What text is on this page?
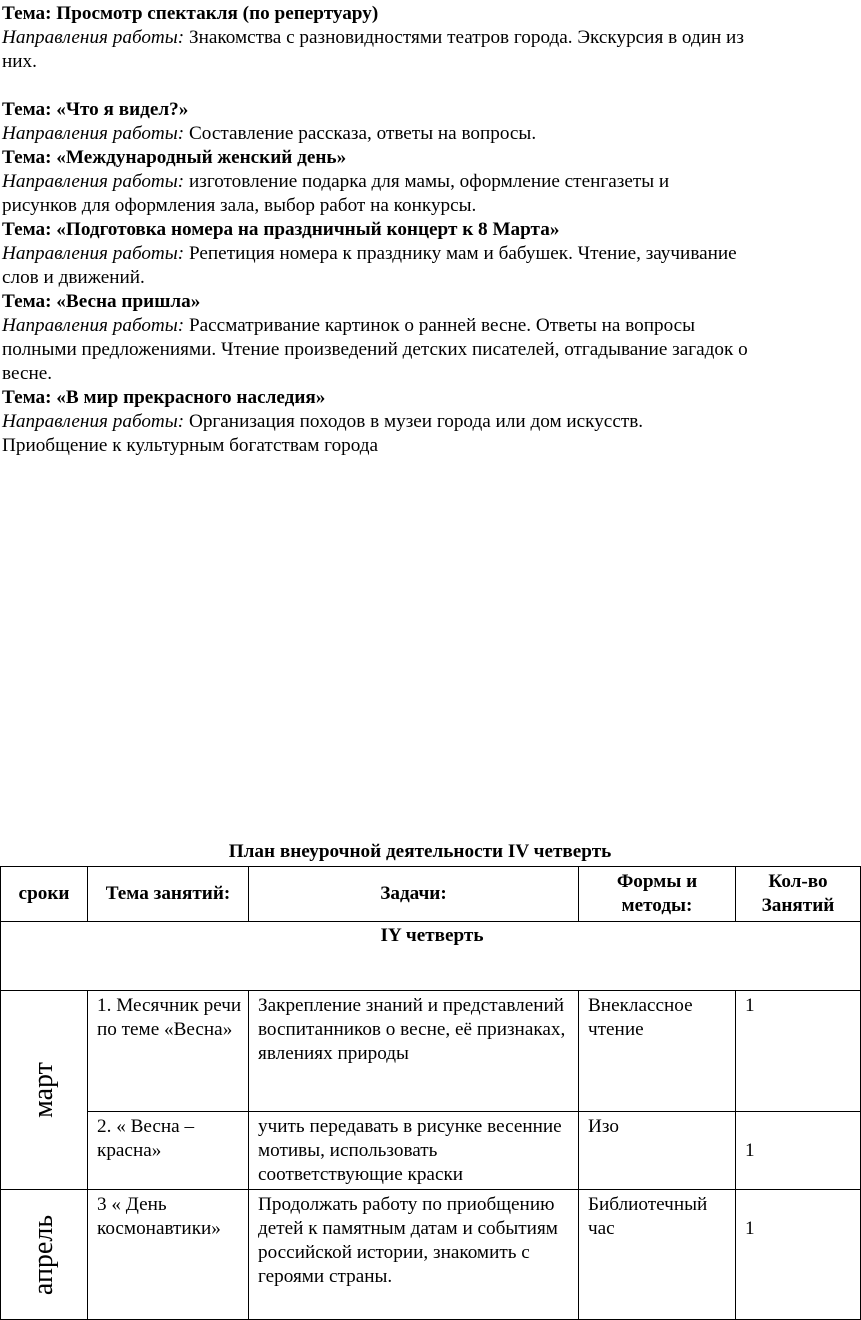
Тема: Просмотр спектакля (по репертуару)
Направления работы: Знакомства с разновидностями театров города. Экскурсия в один из
них.
Тема: «Что я видел?»
Направления работы: Составление рассказа, ответы на вопросы.
Тема: «Международный женский день»
Направления работы: изготовление подарка для мамы, оформление стенгазеты и
рисунков для оформления зала, выбор работ на конкурсы.
Тема: «Подготовка номера на праздничный концерт к 8 Марта»
Направления работы: Репетиция номера к празднику мам и бабушек. Чтение, заучивание
слов и движений.
Тема: «Весна пришла»
Направления работы: Рассматривание картинок о ранней весне. Ответы на вопросы
полными предложениями. Чтение произведений детских писателей, отгадывание загадок о
весне.
Тема: «В мир прекрасного наследия»
Направления работы: Организация походов в музеи города или дом искусств.
Приобщение к культурным богатствам города
План внеурочной деятельности IV четверть
сроки	Тема занятий:	Задачи:	Формы и методы:	Кол-во Занятий
IY четверть				

март	1. Месячник речи по теме «Весна»	Закрепление знаний и представлений воспитанников о весне, её признаках, явлениях природы	Внеклассное чтение	1
	2. « Весна – красна»	учить передавать в рисунке весенние мотивы, использовать соответствующие краски	Изо	1

апрель	3 « День космонавтики»	Продолжать работу по приобщению детей к памятным датам и событиям российской истории, знакомить с героями страны.	Библиотечный час	1
